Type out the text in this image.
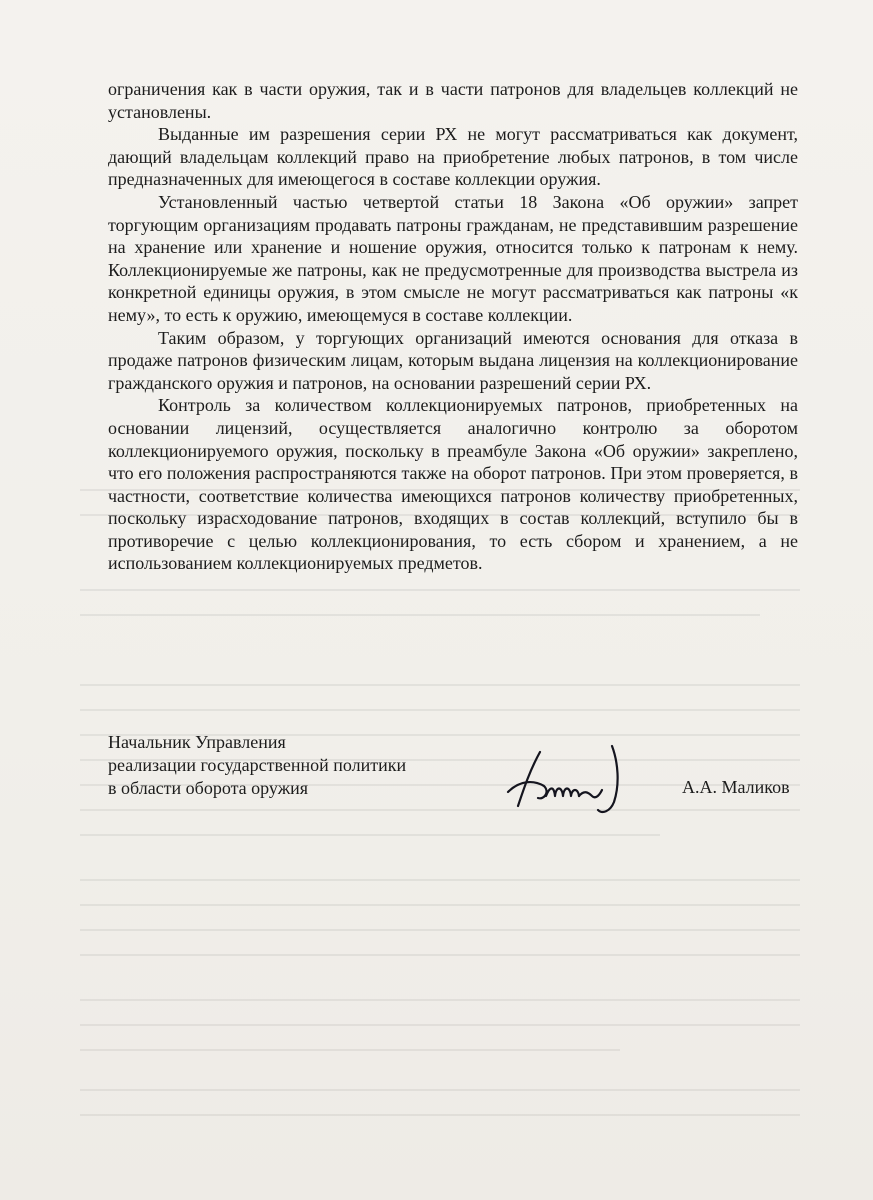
ограничения как в части оружия, так и в части патронов для владельцев коллекций не установлены.

Выданные им разрешения серии РХ не могут рассматриваться как документ, дающий владельцам коллекций право на приобретение любых патронов, в том числе предназначенных для имеющегося в составе коллекции оружия.

Установленный частью четвертой статьи 18 Закона «Об оружии» запрет торгующим организациям продавать патроны гражданам, не представившим разрешение на хранение или хранение и ношение оружия, относится только к патронам к нему. Коллекционируемые же патроны, как не предусмотренные для производства выстрела из конкретной единицы оружия, в этом смысле не могут рассматриваться как патроны «к нему», то есть к оружию, имеющемуся в составе коллекции.

Таким образом, у торгующих организаций имеются основания для отказа в продаже патронов физическим лицам, которым выдана лицензия на коллекционирование гражданского оружия и патронов, на основании разрешений серии РХ.

Контроль за количеством коллекционируемых патронов, приобретенных на основании лицензий, осуществляется аналогично контролю за оборотом коллекционируемого оружия, поскольку в преамбуле Закона «Об оружии» закреплено, что его положения распространяются также на оборот патронов. При этом проверяется, в частности, соответствие количества имеющихся патронов количеству приобретенных, поскольку израсходование патронов, входящих в состав коллекций, вступило бы в противоречие с целью коллекционирования, то есть сбором и хранением, а не использованием коллекционируемых предметов.

Начальник Управления
реализации государственной политики
в области оборота оружия	А.А. Маликов
